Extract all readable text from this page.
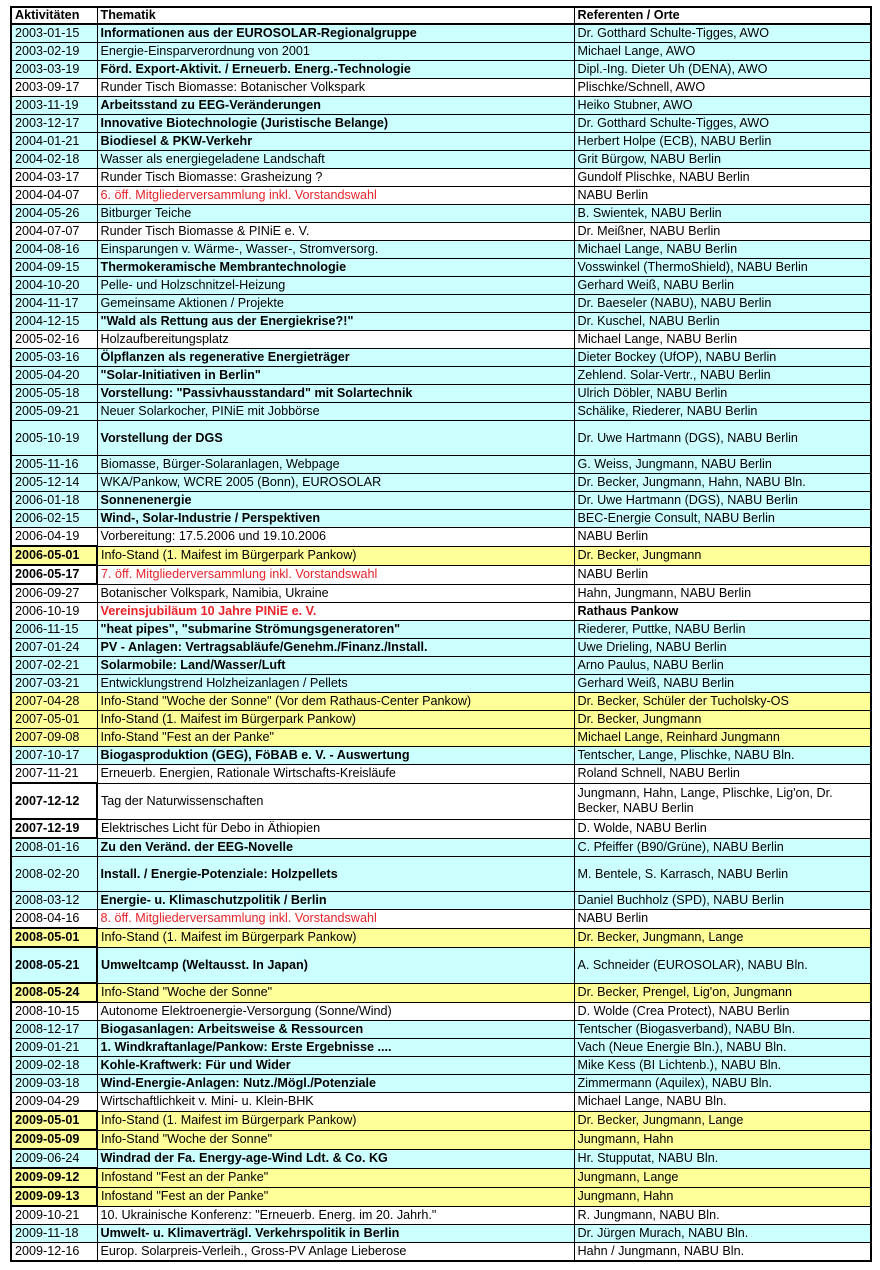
Aktivitäten	Thematik	Referenten / Orte
2003-01-15	Informationen aus der EUROSOLAR-Regionalgruppe	Dr. Gotthard Schulte-Tigges, AWO
2003-02-19	Energie-Einsparverordnung von 2001	Michael Lange, AWO
2003-03-19	Förd. Export-Aktivit. / Erneuerb. Energ.-Technologie	Dipl.-Ing. Dieter Uh (DENA), AWO
2003-09-17	Runder Tisch Biomasse: Botanischer Volkspark	Plischke/Schnell, AWO
2003-11-19	Arbeitsstand zu EEG-Veränderungen	Heiko Stubner, AWO
2003-12-17	Innovative Biotechnologie (Juristische Belange)	Dr. Gotthard Schulte-Tigges, AWO
2004-01-21	Biodiesel & PKW-Verkehr	Herbert Holpe (ECB), NABU Berlin
2004-02-18	Wasser als energiegeladene Landschaft	Grit Bürgow, NABU Berlin
2004-03-17	Runder Tisch Biomasse: Grasheizung ?	Gundolf Plischke, NABU Berlin
2004-04-07	6. öff. Mitgliederversammlung inkl. Vorstandswahl	NABU Berlin
2004-05-26	Bitburger Teiche	B. Swientek, NABU Berlin
2004-07-07	Runder Tisch Biomasse & PINiE e. V.	Dr. Meißner, NABU Berlin
2004-08-16	Einsparungen v. Wärme-, Wasser-, Stromversorg.	Michael Lange, NABU Berlin
2004-09-15	Thermokeramische Membrantechnologie	Vosswinkel (ThermoShield), NABU Berlin
2004-10-20	Pelle- und Holzschnitzel-Heizung	Gerhard Weiß, NABU Berlin
2004-11-17	Gemeinsame Aktionen / Projekte	Dr. Baeseler (NABU), NABU Berlin
2004-12-15	"Wald als Rettung aus der Energiekrise?!"	Dr. Kuschel, NABU Berlin
2005-02-16	Holzaufbereitungsplatz	Michael Lange, NABU Berlin
2005-03-16	Ölpflanzen als regenerative Energieträger	Dieter Bockey (UfOP), NABU Berlin
2005-04-20	"Solar-Initiativen in Berlin"	Zehlend. Solar-Vertr., NABU Berlin
2005-05-18	Vorstellung: "Passivhausstandard" mit Solartechnik	Ulrich Döbler, NABU Berlin
2005-09-21	Neuer Solarkocher, PINiE mit Jobbörse	Schälike, Riederer, NABU Berlin
2005-10-19	Vorstellung der DGS	Dr. Uwe Hartmann (DGS), NABU Berlin
2005-11-16	Biomasse, Bürger-Solaranlagen, Webpage	G. Weiss, Jungmann, NABU Berlin
2005-12-14	WKA/Pankow, WCRE 2005 (Bonn), EUROSOLAR	Dr. Becker, Jungmann, Hahn, NABU Bln.
2006-01-18	Sonnenenergie	Dr. Uwe Hartmann (DGS), NABU Berlin
2006-02-15	Wind-, Solar-Industrie / Perspektiven	BEC-Energie Consult, NABU Berlin
2006-04-19	Vorbereitung: 17.5.2006 und 19.10.2006	NABU Berlin
2006-05-01	Info-Stand (1. Maifest im Bürgerpark Pankow)	Dr. Becker, Jungmann
2006-05-17	7. öff. Mitgliederversammlung inkl. Vorstandswahl	NABU Berlin
2006-09-27	Botanischer Volkspark, Namibia, Ukraine	Hahn, Jungmann, NABU Berlin
2006-10-19	Vereinsjubiläum 10 Jahre PINiE e. V.	Rathaus Pankow
2006-11-15	"heat pipes", "submarine Strömungsgeneratoren"	Riederer, Puttke, NABU Berlin
2007-01-24	PV - Anlagen: Vertragsabläufe/Genehm./Finanz./Install.	Uwe Drieling, NABU Berlin
2007-02-21	Solarmobile: Land/Wasser/Luft	Arno Paulus, NABU Berlin
2007-03-21	Entwicklungstrend Holzheizanlagen / Pellets	Gerhard Weiß, NABU Berlin
2007-04-28	Info-Stand "Woche der Sonne" (Vor dem Rathaus-Center Pankow)	Dr. Becker, Schüler der Tucholsky-OS
2007-05-01	Info-Stand (1. Maifest im Bürgerpark Pankow)	Dr. Becker, Jungmann
2007-09-08	Info-Stand "Fest an der Panke"	Michael Lange, Reinhard Jungmann
2007-10-17	Biogasproduktion (GEG), FöBAB e. V. - Auswertung	Tentscher, Lange, Plischke, NABU Bln.
2007-11-21	Erneuerb. Energien, Rationale Wirtschafts-Kreisläufe	Roland Schnell, NABU Berlin
2007-12-12	Tag der Naturwissenschaften	Jungmann, Hahn, Lange, Plischke, Lig'on, Dr. Becker, NABU Berlin
2007-12-19	Elektrisches Licht für Debo in Äthiopien	D. Wolde, NABU Berlin
2008-01-16	Zu den Veränd. der EEG-Novelle	C. Pfeiffer (B90/Grüne), NABU Berlin
2008-02-20	Install. / Energie-Potenziale: Holzpellets	M. Bentele, S. Karrasch, NABU Berlin
2008-03-12	Energie- u. Klimaschutzpolitik / Berlin	Daniel Buchholz (SPD), NABU Berlin
2008-04-16	8. öff. Mitgliederversammlung inkl. Vorstandswahl	NABU Berlin
2008-05-01	Info-Stand (1. Maifest im Bürgerpark Pankow)	Dr. Becker, Jungmann, Lange
2008-05-21	Umweltcamp (Weltausst. In Japan)	A. Schneider (EUROSOLAR), NABU Bln.
2008-05-24	Info-Stand "Woche der Sonne"	Dr. Becker, Prengel, Lig'on, Jungmann
2008-10-15	Autonome Elektroenergie-Versorgung (Sonne/Wind)	D. Wolde (Crea Protect), NABU Berlin
2008-12-17	Biogasanlagen: Arbeitsweise & Ressourcen	Tentscher (Biogasverband), NABU Bln.
2009-01-21	1. Windkraftanlage/Pankow: Erste Ergebnisse ....	Vach (Neue Energie Bln.), NABU Bln.
2009-02-18	Kohle-Kraftwerk: Für und Wider	Mike Kess (BI Lichtenb.), NABU Bln.
2009-03-18	Wind-Energie-Anlagen: Nutz./Mögl./Potenziale	Zimmermann (Aquilex), NABU Bln.
2009-04-29	Wirtschaftlichkeit v. Mini- u. Klein-BHK	Michael Lange, NABU Bln.
2009-05-01	Info-Stand (1. Maifest im Bürgerpark Pankow)	Dr. Becker, Jungmann, Lange
2009-05-09	Info-Stand "Woche der Sonne"	Jungmann, Hahn
2009-06-24	Windrad der Fa. Energy-age-Wind Ldt. & Co. KG	Hr. Stupputat, NABU Bln.
2009-09-12	Infostand "Fest an der Panke"	Jungmann, Lange
2009-09-13	Infostand "Fest an der Panke"	Jungmann, Hahn
2009-10-21	10. Ukrainische Konferenz: "Erneuerb. Energ. im 20. Jahrh."	R. Jungmann, NABU Bln.
2009-11-18	Umwelt- u. Klimaverträgl. Verkehrspolitik in Berlin	Dr. Jürgen Murach, NABU Bln.
2009-12-16	Europ. Solarpreis-Verleih., Gross-PV Anlage Lieberose	Hahn / Jungmann, NABU Bln.
